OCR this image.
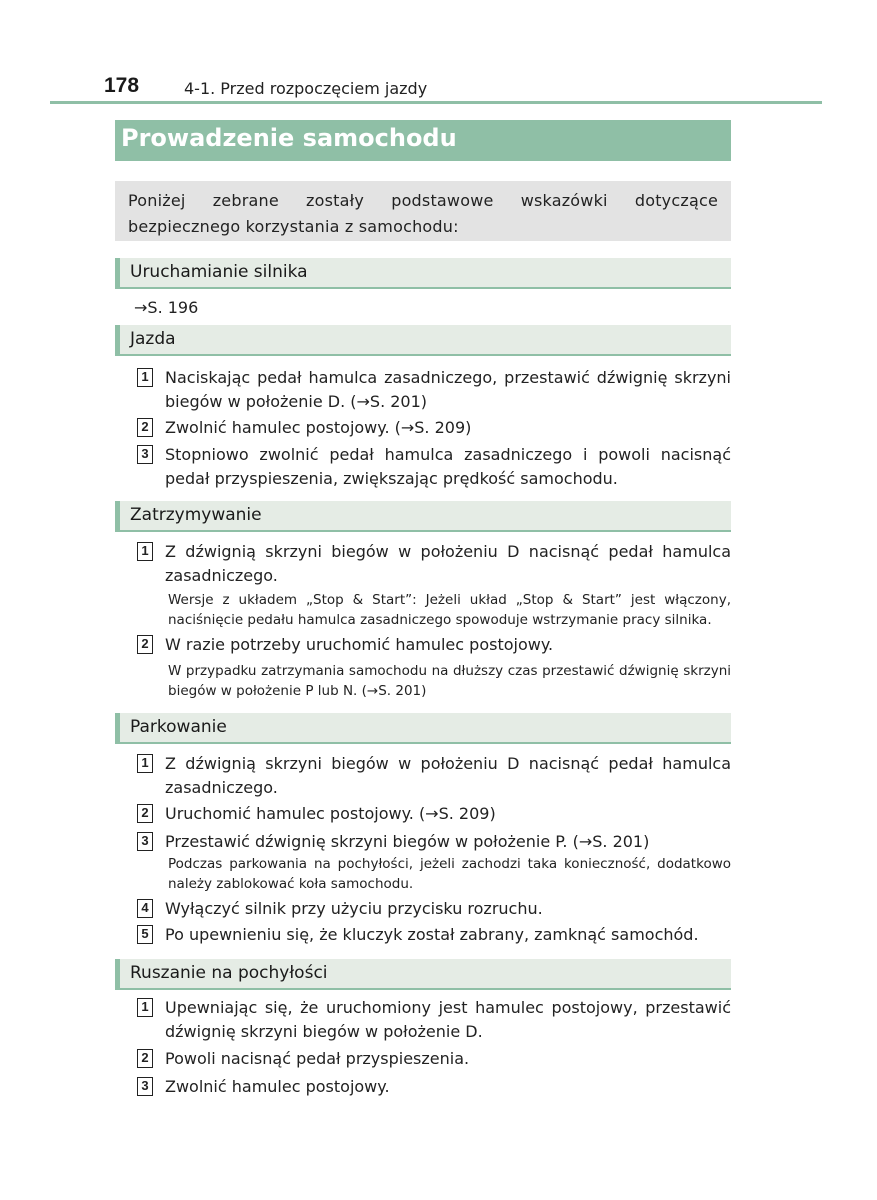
178	4-1. Przed rozpoczęciem jazdy
Prowadzenie samochodu
Poniżej zebrane zostały podstawowe wskazówki dotyczące bezpiecznego korzystania z samochodu:
Uruchamianie silnika
→S. 196
Jazda
1 Naciskając pedał hamulca zasadniczego, przestawić dźwignię skrzyni biegów w położenie D. (→S. 201)
2 Zwolnić hamulec postojowy. (→S. 209)
3 Stopniowo zwolnić pedał hamulca zasadniczego i powoli nacisnąć pedał przyspieszenia, zwiększając prędkość samochodu.
Zatrzymywanie
1 Z dźwignią skrzyni biegów w położeniu D nacisnąć pedał hamulca zasadniczego.
Wersje z układem „Stop & Start”: Jeżeli układ „Stop & Start” jest włączony, naciśnięcie pedału hamulca zasadniczego spowoduje wstrzymanie pracy silnika.
2 W razie potrzeby uruchomić hamulec postojowy.
W przypadku zatrzymania samochodu na dłuższy czas przestawić dźwignię skrzyni biegów w położenie P lub N. (→S. 201)
Parkowanie
1 Z dźwignią skrzyni biegów w położeniu D nacisnąć pedał hamulca zasadniczego.
2 Uruchomić hamulec postojowy. (→S. 209)
3 Przestawić dźwignię skrzyni biegów w położenie P. (→S. 201)
Podczas parkowania na pochyłości, jeżeli zachodzi taka konieczność, dodatkowo należy zablokować koła samochodu.
4 Wyłączyć silnik przy użyciu przycisku rozruchu.
5 Po upewnieniu się, że kluczyk został zabrany, zamknąć samochód.
Ruszanie na pochyłości
1 Upewniając się, że uruchomiony jest hamulec postojowy, przestawić dźwignię skrzyni biegów w położenie D.
2 Powoli nacisnąć pedał przyspieszenia.
3 Zwolnić hamulec postojowy.
